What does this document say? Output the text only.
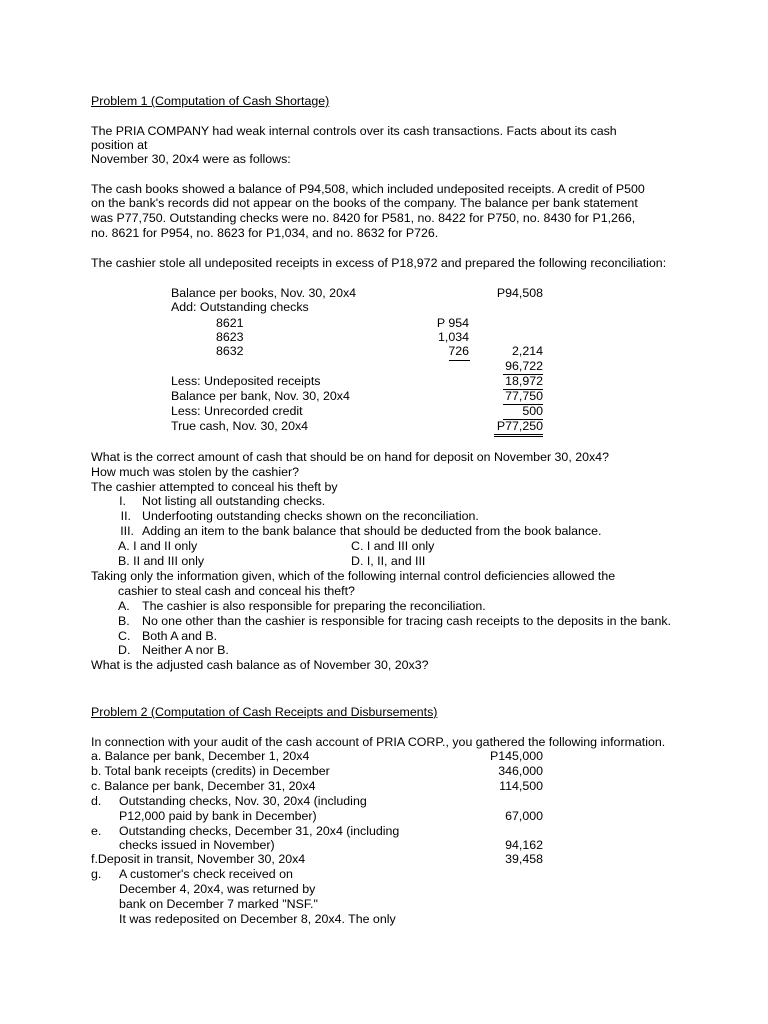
Problem 1 (Computation of Cash Shortage)
The PRIA COMPANY had weak internal controls over its cash transactions. Facts about its cash
position at
November 30, 20x4 were as follows:
The cash books showed a balance of P94,508, which included undeposited receipts. A credit of P500
on the bank's records did not appear on the books of the company. The balance per bank statement
was P77,750. Outstanding checks were no. 8420 for P581, no. 8422 for P750, no. 8430 for P1,266,
no. 8621 for P954, no. 8623 for P1,034, and no. 8632 for P726.
The cashier stole all undeposited receipts in excess of P18,972 and prepared the following reconciliation:
Balance per books, Nov. 30, 20x4	P94,508
Add: Outstanding checks
8621	P 954
8623	1,034
8632	726	2,214
96,722
Less: Undeposited receipts	18,972
Balance per bank, Nov. 30, 20x4	77,750
Less: Unrecorded credit	500
True cash, Nov. 30, 20x4	P77,250
What is the correct amount of cash that should be on hand for deposit on November 30, 20x4?
How much was stolen by the cashier?
The cashier attempted to conceal his theft by
I. Not listing all outstanding checks.
II. Underfooting outstanding checks shown on the reconciliation.
III. Adding an item to the bank balance that should be deducted from the book balance.
A. I and II only	C. I and III only
B. II and III only	D. I, II, and III
Taking only the information given, which of the following internal control deficiencies allowed the
cashier to steal cash and conceal his theft?
A. The cashier is also responsible for preparing the reconciliation.
B. No one other than the cashier is responsible for tracing cash receipts to the deposits in the bank.
C. Both A and B.
D. Neither A nor B.
What is the adjusted cash balance as of November 30, 20x3?
Problem 2 (Computation of Cash Receipts and Disbursements)
In connection with your audit of the cash account of PRIA CORP., you gathered the following information.
a. Balance per bank, December 1, 20x4	P145,000
b. Total bank receipts (credits) in December	346,000
c. Balance per bank, December 31, 20x4	114,500
d. Outstanding checks, Nov. 30, 20x4 (including
P12,000 paid by bank in December)	67,000
e. Outstanding checks, December 31, 20x4 (including
checks issued in November)	94,162
f.Deposit in transit, November 30, 20x4	39,458
g. A customer's check received on
December 4, 20x4, was returned by
bank on December 7 marked "NSF."
It was redeposited on December 8, 20x4. The only
